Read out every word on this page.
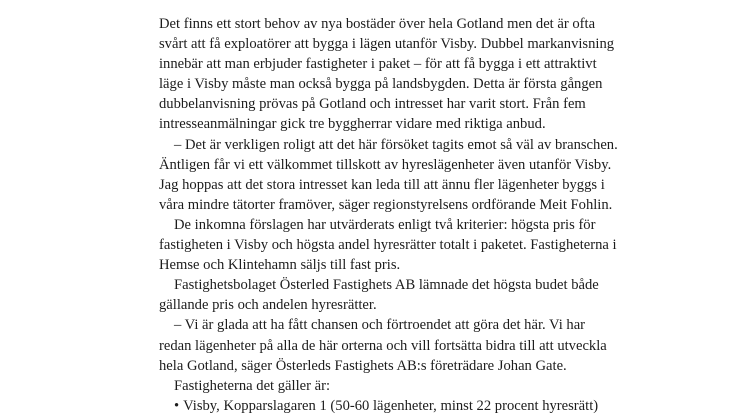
Det finns ett stort behov av nya bostäder över hela Gotland men det är ofta
svårt att få exploatörer att bygga i lägen utanför Visby. Dubbel markanvisning
innebär att man erbjuder fastigheter i paket – för att få bygga i ett attraktivt
läge i Visby måste man också bygga på landsbygden. Detta är första gången
dubbelanvisning prövas på Gotland och intresset har varit stort. Från fem
intresseanmälningar gick tre byggherrar vidare med riktiga anbud.

– Det är verkligen roligt att det här försöket tagits emot så väl av branschen.
Äntligen får vi ett välkommet tillskott av hyreslägenheter även utanför Visby.
Jag hoppas att det stora intresset kan leda till att ännu fler lägenheter byggs i
våra mindre tätorter framöver, säger regionstyrelsens ordförande Meit Fohlin.

De inkomna förslagen har utvärderats enligt två kriterier: högsta pris för
fastigheten i Visby och högsta andel hyresrätter totalt i paketet. Fastigheterna i
Hemse och Klintehamn säljs till fast pris.

Fastighetsbolaget Österled Fastighets AB lämnade det högsta budet både
gällande pris och andelen hyresrätter.

– Vi är glada att ha fått chansen och förtroendet att göra det här. Vi har
redan lägenheter på alla de här orterna och vill fortsätta bidra till att utveckla
hela Gotland, säger Österleds Fastighets AB:s företrädare Johan Gate.

Fastigheterna det gäller är:

• Visby, Kopparslagaren 1 (50-60 lägenheter, minst 22 procent hyresrätt)
